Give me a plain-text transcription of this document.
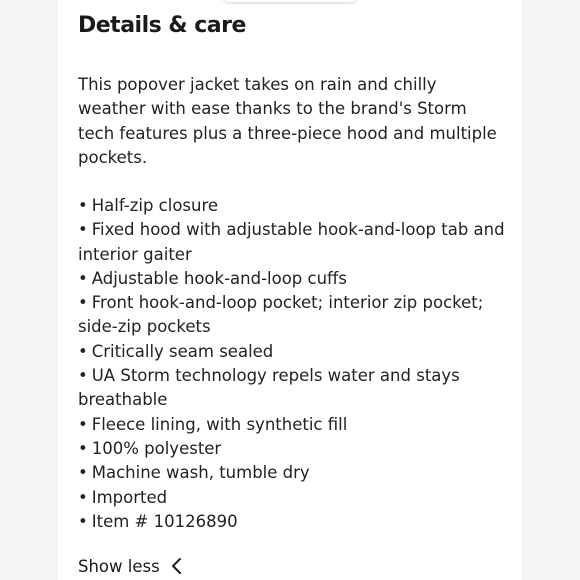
Details & care

This popover jacket takes on rain and chilly weather with ease thanks to the brand's Storm tech features plus a three-piece hood and multiple pockets.

• Half-zip closure
• Fixed hood with adjustable hook-and-loop tab and interior gaiter
• Adjustable hook-and-loop cuffs
• Front hook-and-loop pocket; interior zip pocket; side-zip pockets
• Critically seam sealed
• UA Storm technology repels water and stays breathable
• Fleece lining, with synthetic fill
• 100% polyester
• Machine wash, tumble dry
• Imported
• Item # 10126890
Show less
